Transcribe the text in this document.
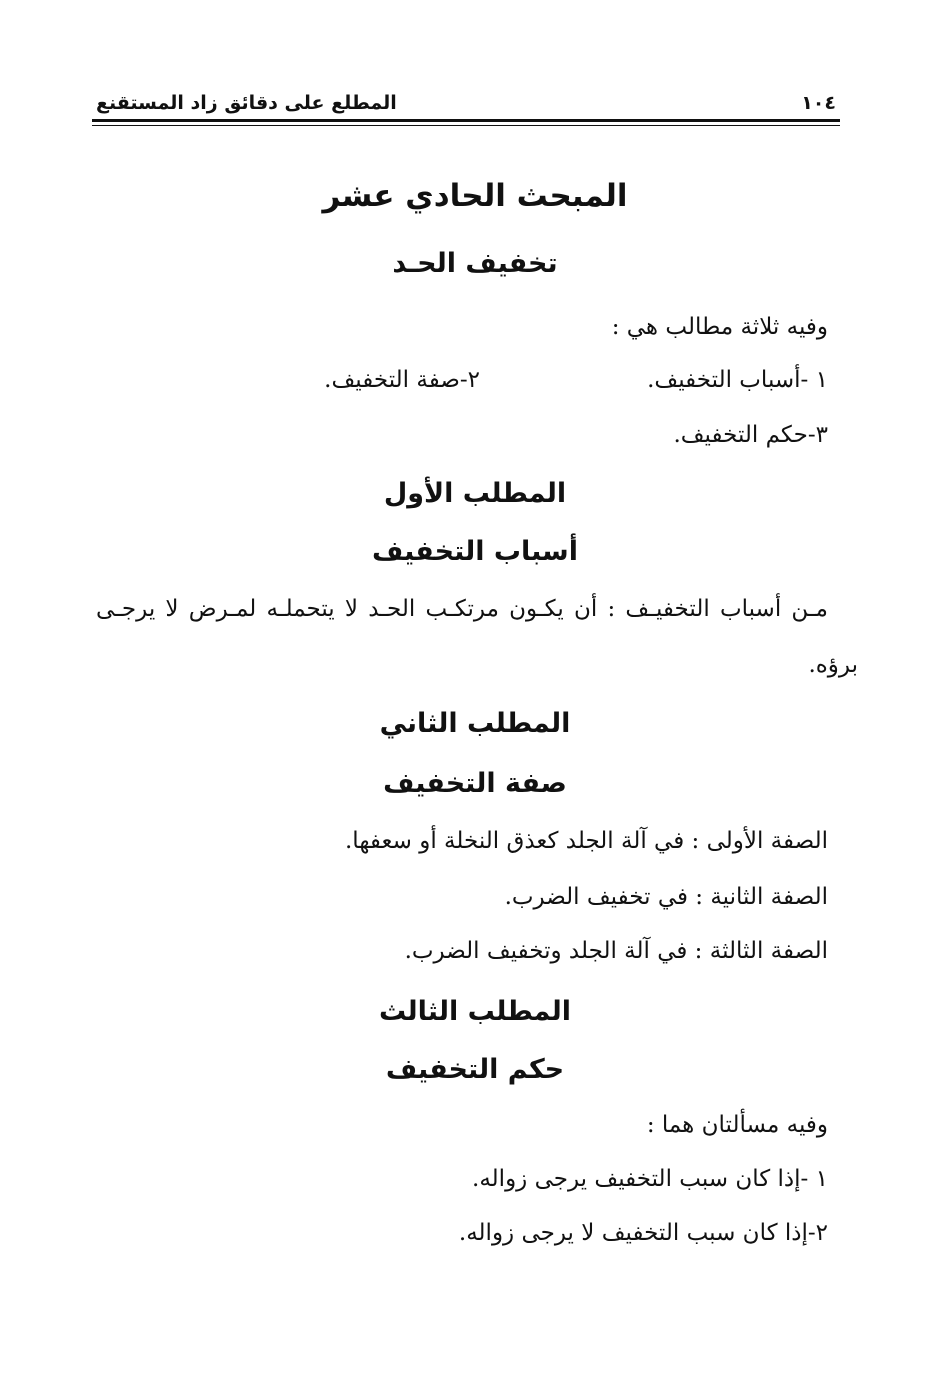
١٠٤
المطلع على دقائق زاد المستقنع
المبحث الحادي عشر
تخفيف الحـد
وفيه ثلاثة مطالب هي :
١ -أسباب التخفيف.
٢-صفة التخفيف.
٣-حكم التخفيف.
المطلب الأول
أسباب التخفيف
مـن أسباب التخفيـف : أن يكـون مرتكـب الحـد لا يتحملـه لمـرض لا يرجـى
برؤه.
المطلب الثاني
صفة التخفيف
الصفة الأولى : في آلة الجلد كعذق النخلة أو سعفها.
الصفة الثانية : في تخفيف الضرب.
الصفة الثالثة : في آلة الجلد وتخفيف الضرب.
المطلب الثالث
حكم التخفيف
وفيه مسألتان هما :
١ -إذا كان سبب التخفيف يرجى زواله.
٢-إذا كان سبب التخفيف لا يرجى زواله.
